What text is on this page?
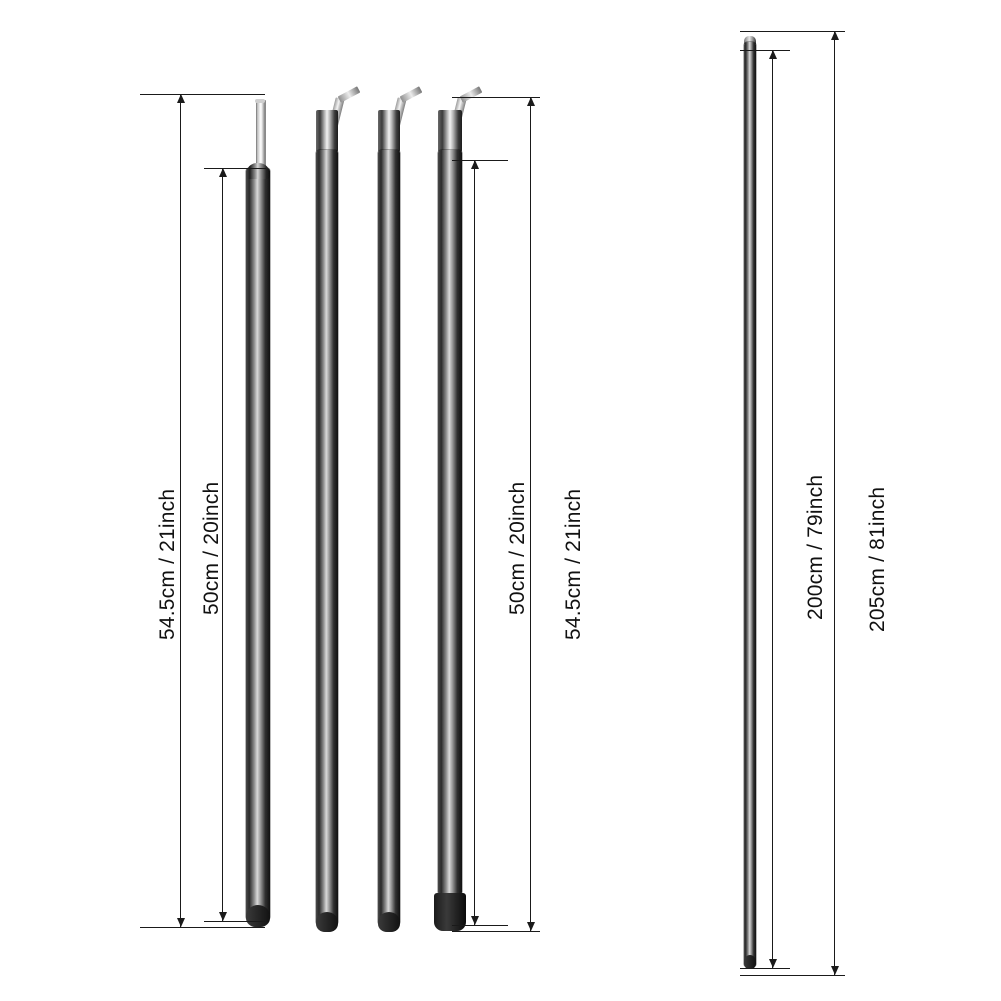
54.5cm / 21inch 50cm / 20inch	50cm / 20inch 54.5cm / 21inch	200cm / 79inch 205cm / 81inch
